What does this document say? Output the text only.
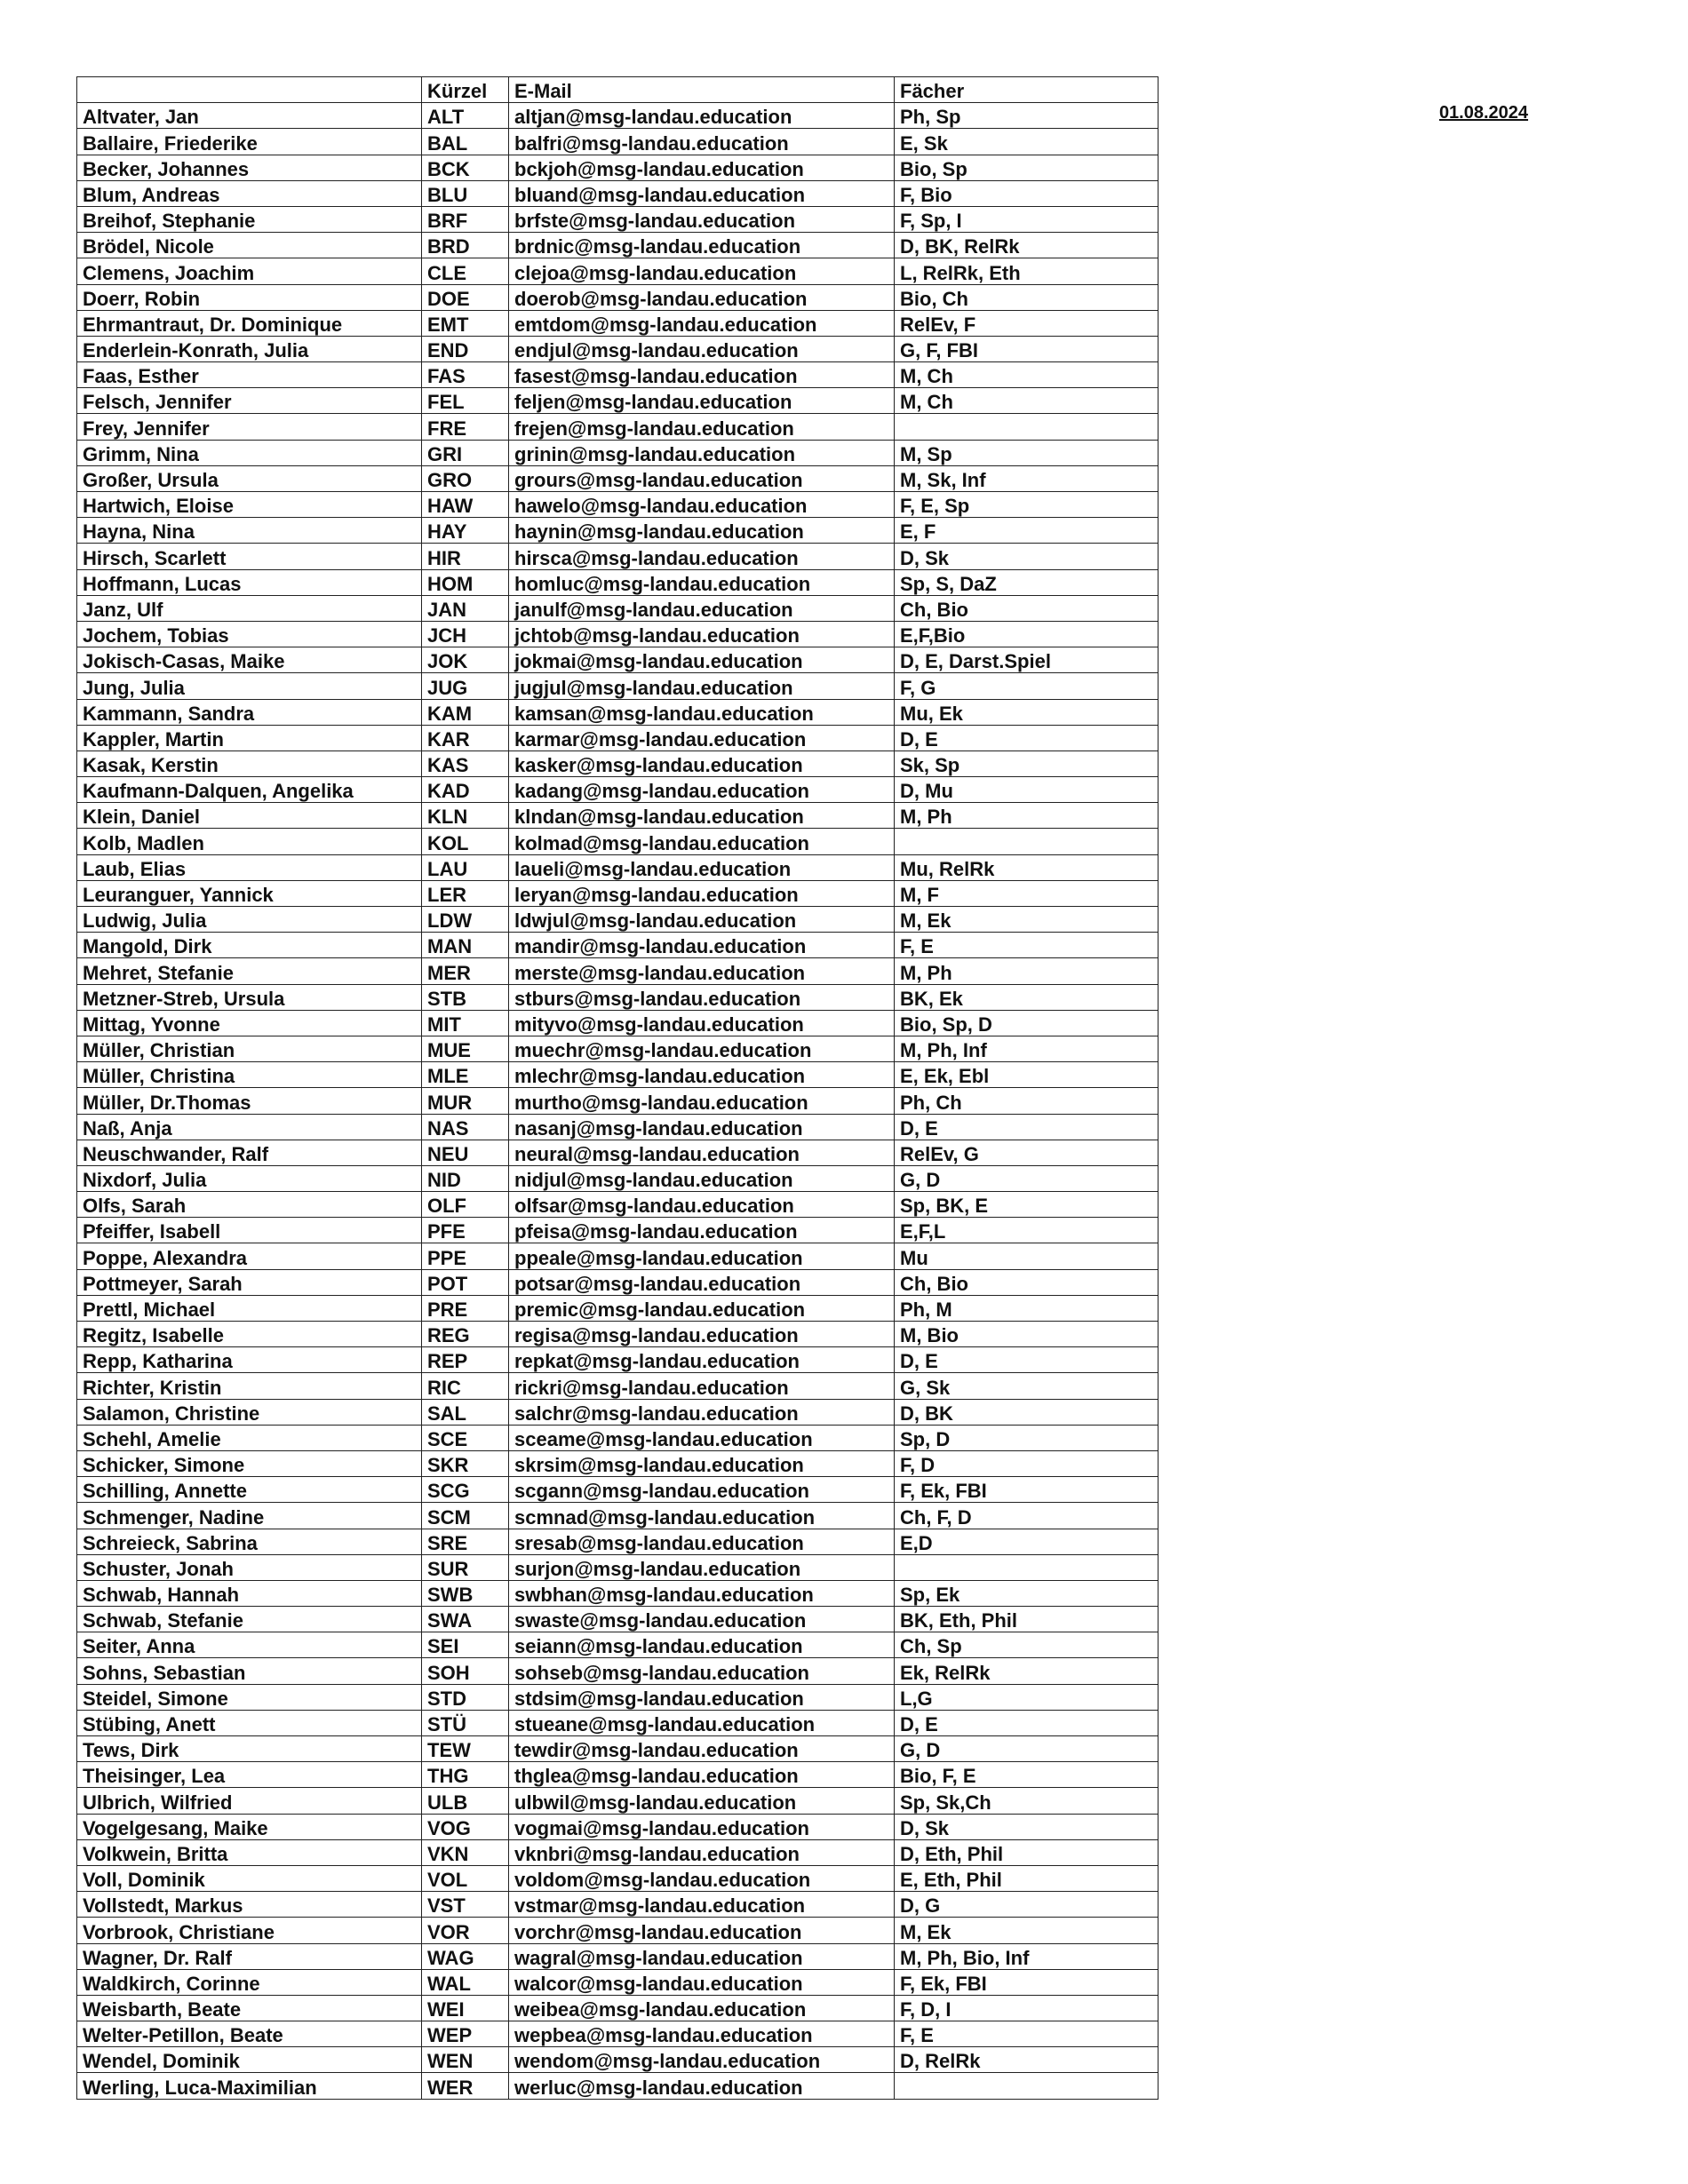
01.08.2024
	Kürzel	E-Mail	Fächer
Altvater, Jan	ALT	altjan@msg-landau.education	Ph, Sp
Ballaire, Friederike	BAL	balfri@msg-landau.education	E, Sk
Becker, Johannes	BCK	bckjoh@msg-landau.education	Bio, Sp
Blum, Andreas	BLU	bluand@msg-landau.education	F, Bio
Breihof, Stephanie	BRF	brfste@msg-landau.education	F, Sp, I
Brödel, Nicole	BRD	brdnic@msg-landau.education	D, BK, RelRk
Clemens, Joachim	CLE	clejoa@msg-landau.education	L, RelRk, Eth
Doerr, Robin	DOE	doerob@msg-landau.education	Bio, Ch
Ehrmantraut, Dr. Dominique	EMT	emtdom@msg-landau.education	RelEv, F
Enderlein-Konrath, Julia	END	endjul@msg-landau.education	G, F, FBI
Faas, Esther	FAS	fasest@msg-landau.education	M, Ch
Felsch, Jennifer	FEL	feljen@msg-landau.education	M, Ch
Frey, Jennifer	FRE	frejen@msg-landau.education	
Grimm, Nina	GRI	grinin@msg-landau.education	M, Sp
Großer, Ursula	GRO	grours@msg-landau.education	M, Sk, Inf
Hartwich, Eloise	HAW	hawelo@msg-landau.education	F, E, Sp
Hayna, Nina	HAY	haynin@msg-landau.education	E, F
Hirsch, Scarlett	HIR	hirsca@msg-landau.education	D, Sk
Hoffmann, Lucas	HOM	homluc@msg-landau.education	Sp, S, DaZ
Janz, Ulf	JAN	janulf@msg-landau.education	Ch, Bio
Jochem, Tobias	JCH	jchtob@msg-landau.education	E,F,Bio
Jokisch-Casas, Maike	JOK	jokmai@msg-landau.education	D, E, Darst.Spiel
Jung, Julia	JUG	jugjul@msg-landau.education	F, G
Kammann, Sandra	KAM	kamsan@msg-landau.education	Mu, Ek
Kappler, Martin	KAR	karmar@msg-landau.education	D, E
Kasak, Kerstin	KAS	kasker@msg-landau.education	Sk, Sp
Kaufmann-Dalquen, Angelika	KAD	kadang@msg-landau.education	D, Mu
Klein, Daniel	KLN	klndan@msg-landau.education	M, Ph
Kolb, Madlen	KOL	kolmad@msg-landau.education	
Laub, Elias	LAU	laueli@msg-landau.education	Mu, RelRk
Leuranguer, Yannick	LER	leryan@msg-landau.education	M, F
Ludwig, Julia	LDW	ldwjul@msg-landau.education	M, Ek
Mangold, Dirk	MAN	mandir@msg-landau.education	F, E
Mehret, Stefanie	MER	merste@msg-landau.education	M, Ph
Metzner-Streb, Ursula	STB	stburs@msg-landau.education	BK, Ek
Mittag, Yvonne	MIT	mityvo@msg-landau.education	Bio, Sp, D
Müller, Christian	MUE	muechr@msg-landau.education	M, Ph, Inf
Müller, Christina	MLE	mlechr@msg-landau.education	E, Ek, Ebl
Müller, Dr.Thomas	MUR	murtho@msg-landau.education	Ph, Ch
Naß, Anja	NAS	nasanj@msg-landau.education	D, E
Neuschwander, Ralf	NEU	neural@msg-landau.education	RelEv, G
Nixdorf, Julia	NID	nidjul@msg-landau.education	G, D
Olfs, Sarah	OLF	olfsar@msg-landau.education	Sp, BK, E
Pfeiffer, Isabell	PFE	pfeisa@msg-landau.education	E,F,L
Poppe, Alexandra	PPE	ppeale@msg-landau.education	Mu
Pottmeyer, Sarah	POT	potsar@msg-landau.education	Ch, Bio
Prettl, Michael	PRE	premic@msg-landau.education	Ph, M
Regitz, Isabelle	REG	regisa@msg-landau.education	M, Bio
Repp, Katharina	REP	repkat@msg-landau.education	D, E
Richter, Kristin	RIC	rickri@msg-landau.education	G, Sk
Salamon, Christine	SAL	salchr@msg-landau.education	D, BK
Schehl, Amelie	SCE	sceame@msg-landau.education	Sp, D
Schicker, Simone	SKR	skrsim@msg-landau.education	F, D
Schilling, Annette	SCG	scgann@msg-landau.education	F, Ek, FBI
Schmenger, Nadine	SCM	scmnad@msg-landau.education	Ch, F, D
Schreieck, Sabrina	SRE	sresab@msg-landau.education	E,D
Schuster, Jonah	SUR	surjon@msg-landau.education	
Schwab, Hannah	SWB	swbhan@msg-landau.education	Sp, Ek
Schwab, Stefanie	SWA	swaste@msg-landau.education	BK, Eth, Phil
Seiter, Anna	SEI	seiann@msg-landau.education	Ch, Sp
Sohns, Sebastian	SOH	sohseb@msg-landau.education	Ek, RelRk
Steidel, Simone	STD	stdsim@msg-landau.education	L,G
Stübing, Anett	STÜ	stueane@msg-landau.education	D, E
Tews, Dirk	TEW	tewdir@msg-landau.education	G, D
Theisinger, Lea	THG	thglea@msg-landau.education	Bio, F, E
Ulbrich, Wilfried	ULB	ulbwil@msg-landau.education	Sp, Sk,Ch
Vogelgesang, Maike	VOG	vogmai@msg-landau.education	D, Sk
Volkwein, Britta	VKN	vknbri@msg-landau.education	D, Eth, Phil
Voll, Dominik	VOL	voldom@msg-landau.education	E, Eth, Phil
Vollstedt, Markus	VST	vstmar@msg-landau.education	D, G
Vorbrook, Christiane	VOR	vorchr@msg-landau.education	M, Ek
Wagner, Dr. Ralf	WAG	wagral@msg-landau.education	M, Ph, Bio, Inf
Waldkirch, Corinne	WAL	walcor@msg-landau.education	F, Ek, FBI
Weisbarth, Beate	WEI	weibea@msg-landau.education	F, D, I
Welter-Petillon, Beate	WEP	wepbea@msg-landau.education	F, E
Wendel, Dominik	WEN	wendom@msg-landau.education	D, RelRk
Werling, Luca-Maximilian	WER	werluc@msg-landau.education	
